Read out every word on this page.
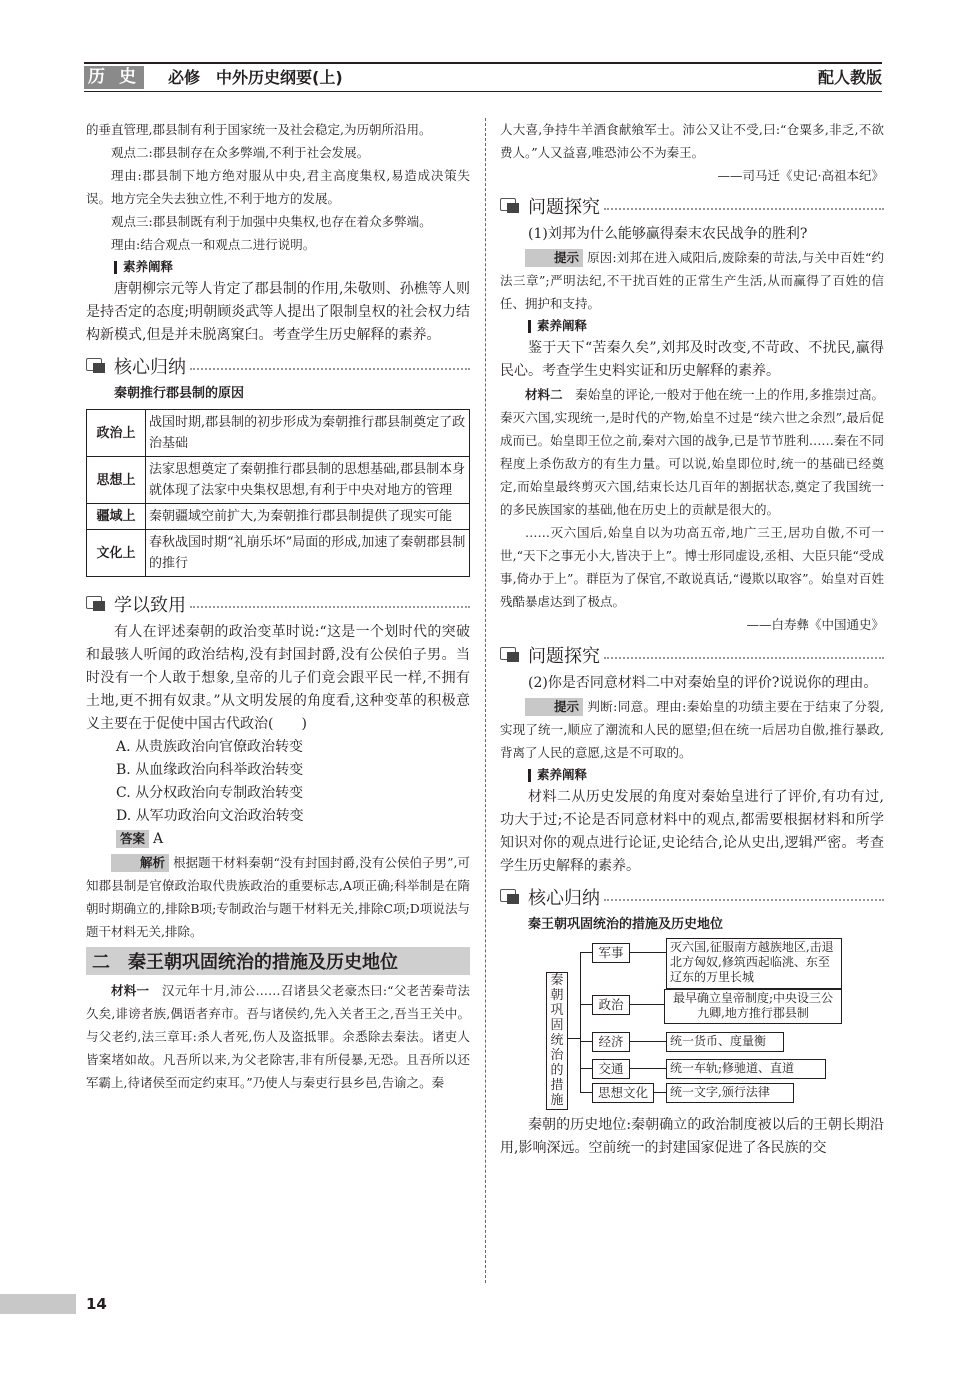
历 史 必修　中外历史纲要(上)	配人教版

的垂直管理,郡县制有利于国家统一及社会稳定,为历朝所沿用。

观点二:郡县制存在众多弊端,不利于社会发展。

理由:郡县制下地方绝对服从中央,君主高度集权,易造成决策失误。地方完全失去独立性,不利于地方的发展。

观点三:郡县制既有利于加强中央集权,也存在着众多弊端。

理由:结合观点一和观点二进行说明。

素养阐释

唐朝柳宗元等人肯定了郡县制的作用,朱敬则、孙樵等人则是持否定的态度;明朝顾炎武等人提出了限制皇权的社会权力结构新模式,但是并未脱离窠臼。考查学生历史解释的素养。

核心归纳

秦朝推行郡县制的原因

政治上	战国时期,郡县制的初步形成为秦朝推行郡县制奠定了政治基础
思想上	法家思想奠定了秦朝推行郡县制的思想基础,郡县制本身就体现了法家中央集权思想,有利于中央对地方的管理
疆域上	秦朝疆域空前扩大,为秦朝推行郡县制提供了现实可能
文化上	春秋战国时期“礼崩乐坏”局面的形成,加速了秦朝郡县制的推行
学以致用

有人在评述秦朝的政治变革时说:“这是一个划时代的突破和最骇人听闻的政治结构,没有封国封爵,没有公侯伯子男。当时没有一个人敢于想象,皇帝的儿子们竟会跟平民一样,不拥有土地,更不拥有奴隶。”从文明发展的角度看,这种变革的积极意义主要在于促使中国古代政治(　　)

A. 从贵族政治向官僚政治转变

B. 从血缘政治向科举政治转变

C. 从分权政治向专制政治转变

D. 从军功政治向文治政治转变

答案 A

解析 根据题干材料秦朝“没有封国封爵,没有公侯伯子男”,可知郡县制是官僚政治取代贵族政治的重要标志,A项正确;科举制是在隋朝时期确立的,排除B项;专制政治与题干材料无关,排除C项;D项说法与题干材料无关,排除。

二　秦王朝巩固统治的措施及历史地位

材料一　 汉元年十月,沛公……召诸县父老豪杰曰:“父老苦秦苛法久矣,诽谤者族,偶语者弃市。吾与诸侯约,先入关者王之,吾当王关中。与父老约,法三章耳:杀人者死,伤人及盗抵罪。余悉除去秦法。诸吏人皆案堵如故。凡吾所以来,为父老除害,非有所侵暴,无恐。且吾所以还军霸上,待诸侯至而定约束耳。”乃使人与秦吏行县乡邑,告谕之。秦

人大喜,争持牛羊酒食献飨军士。沛公又让不受,曰:“仓粟多,非乏,不欲费人。”人又益喜,唯恐沛公不为秦王。

——司马迁《史记·高祖本纪》

问题探究

(1)刘邦为什么能够赢得秦末农民战争的胜利?

提示 原因:刘邦在进入咸阳后,废除秦的苛法,与关中百姓“约法三章”;严明法纪,不干扰百姓的正常生产生活,从而赢得了百姓的信任、拥护和支持。

素养阐释

鉴于天下“苦秦久矣”,刘邦及时改变,不苛政、不扰民,赢得民心。考查学生史料实证和历史解释的素养。

材料二　 秦始皇的评论,一般对于他在统一上的作用,多推崇过高。秦灭六国,实现统一,是时代的产物,始皇不过是“续六世之余烈”,最后促成而已。始皇即王位之前,秦对六国的战争,已是节节胜利……秦在不同程度上杀伤敌方的有生力量。可以说,始皇即位时,统一的基础已经奠定,而始皇最终剪灭六国,结束长达几百年的割据状态,奠定了我国统一的多民族国家的基础,他在历史上的贡献是很大的。

……灭六国后,始皇自以为功高五帝,地广三王,居功自傲,不可一世,“天下之事无小大,皆决于上”。博士形同虚设,丞相、大臣只能“受成事,倚办于上”。群臣为了保官,不敢说真话,“谩欺以取容”。始皇对百姓残酷暴虐达到了极点。

——白寿彝《中国通史》

问题探究

(2)你是否同意材料二中对秦始皇的评价?说说你的理由。

提示 判断:同意。理由:秦始皇的功绩主要在于结束了分裂,实现了统一,顺应了潮流和人民的愿望;但在统一后居功自傲,推行暴政,背离了人民的意愿,这是不可取的。

素养阐释

材料二从历史发展的角度对秦始皇进行了评价,有功有过,功大于过;不论是否同意材料中的观点,都需要根据材料和所学知识对你的观点进行论证,史论结合,论从史出,逻辑严密。考查学生历史解释的素养。

核心归纳

秦王朝巩固统治的措施及历史地位

秦朝巩固统治的措施
军事	灭六国,征服南方越族地区,击退北方匈奴,修筑西起临洮、东至辽东的万里长城
政治	最早确立皇帝制度;中央设三公九卿,地方推行郡县制
经济	统一货币、度量衡
交通	统一车轨;修驰道、直道
思想文化	统一文字,颁行法律

秦朝的历史地位:秦朝确立的政治制度被以后的王朝长期沿用,影响深远。空前统一的封建国家促进了各民族的交

14
